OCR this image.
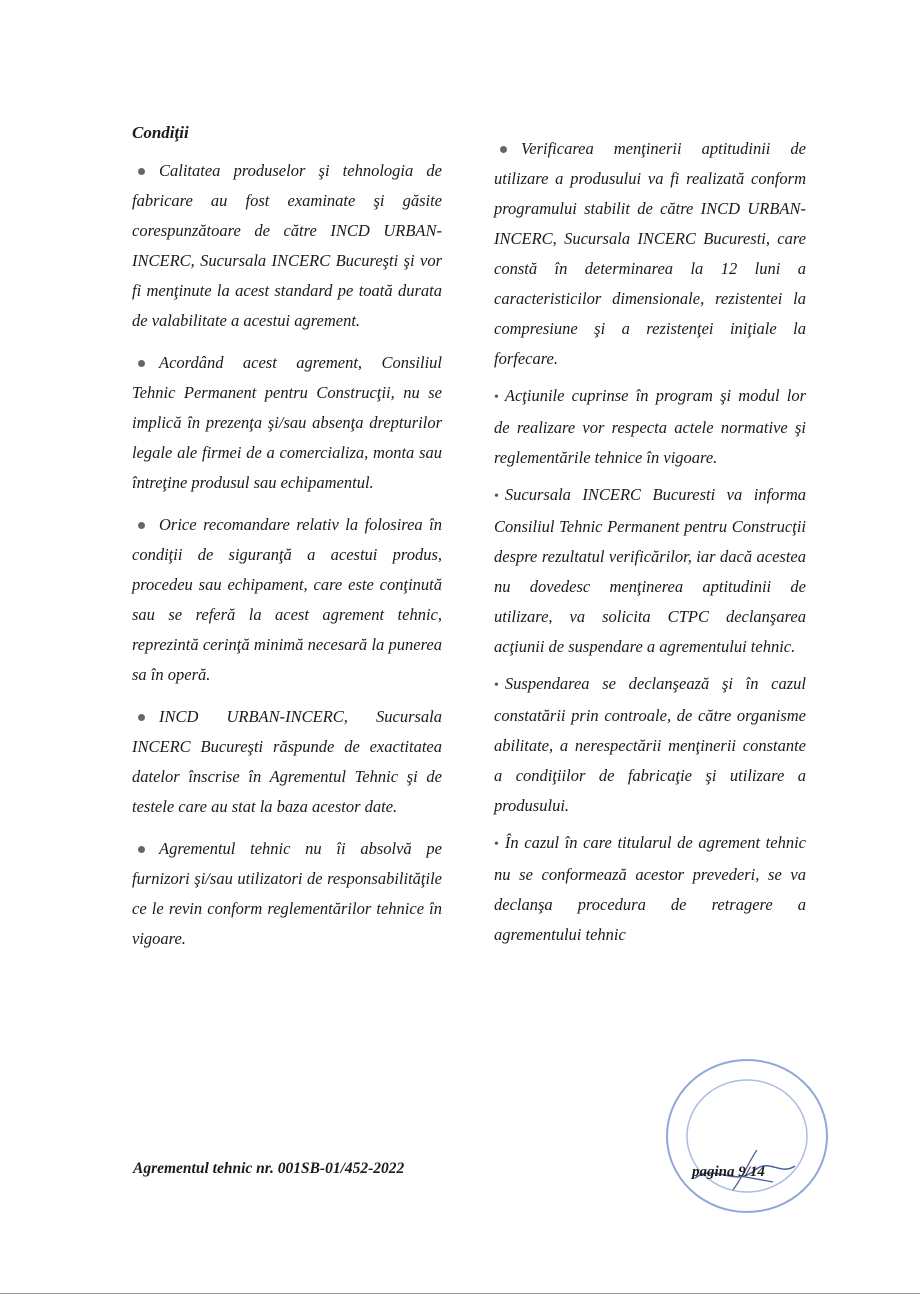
Condiţii

Calitatea produselor şi tehnologia de fabricare au fost examinate şi găsite corespunzătoare de către INCD URBAN-INCERC, Sucursala INCERC Bucureşti şi vor fi menţinute la acest standard pe toată durata de valabilitate a acestui agrement.

Acordând acest agrement, Consiliul Tehnic Permanent pentru Construcţii, nu se implică în prezenţa şi/sau absenţa drepturilor legale ale firmei de a comercializa, monta sau întreţine produsul sau echipamentul.

Orice recomandare relativ la folosirea în condiţii de siguranţă a acestui produs, procedeu sau echipament, care este conţinută sau se referă la acest agrement tehnic, reprezintă cerinţă minimă necesară la punerea sa în operă.

INCD URBAN-INCERC, Sucursala INCERC Bucureşti răspunde de exactitatea datelor înscrise în Agrementul Tehnic şi de testele care au stat la baza acestor date.

Agrementul tehnic nu îi absolvă pe furnizori şi/sau utilizatori de responsabilităţile ce le revin conform reglementărilor tehnice în vigoare.

Verificarea menţinerii aptitudinii de utilizare a produsului va fi realizată conform programului stabilit de către INCD URBAN-INCERC, Sucursala INCERC Bucuresti, care constă în determinarea la 12 luni a caracteristicilor dimensionale, rezistentei la compresiune şi a rezistenţei iniţiale la forfecare.

• Acţiunile cuprinse în program şi modul lor de realizare vor respecta actele normative şi reglementările tehnice în vigoare.

• Sucursala INCERC Bucuresti va informa Consiliul Tehnic Permanent pentru Construcţii despre rezultatul verificărilor, iar dacă acestea nu dovedesc menţinerea aptitudinii de utilizare, va solicita CTPC declanşarea acţiunii de suspendare a agrementului tehnic.

• Suspendarea se declanşează şi în cazul constatării prin controale, de către organisme abilitate, a nerespectării menţinerii constante a condiţiilor de fabricaţie şi utilizare a produsului.

• În cazul în care titularul de agrement tehnic nu se conformează acestor prevederi, se va declanşa procedura de retragere a agrementului tehnic

Agrementul tehnic nr. 001SB-01/452-2022	pagina 9/14
